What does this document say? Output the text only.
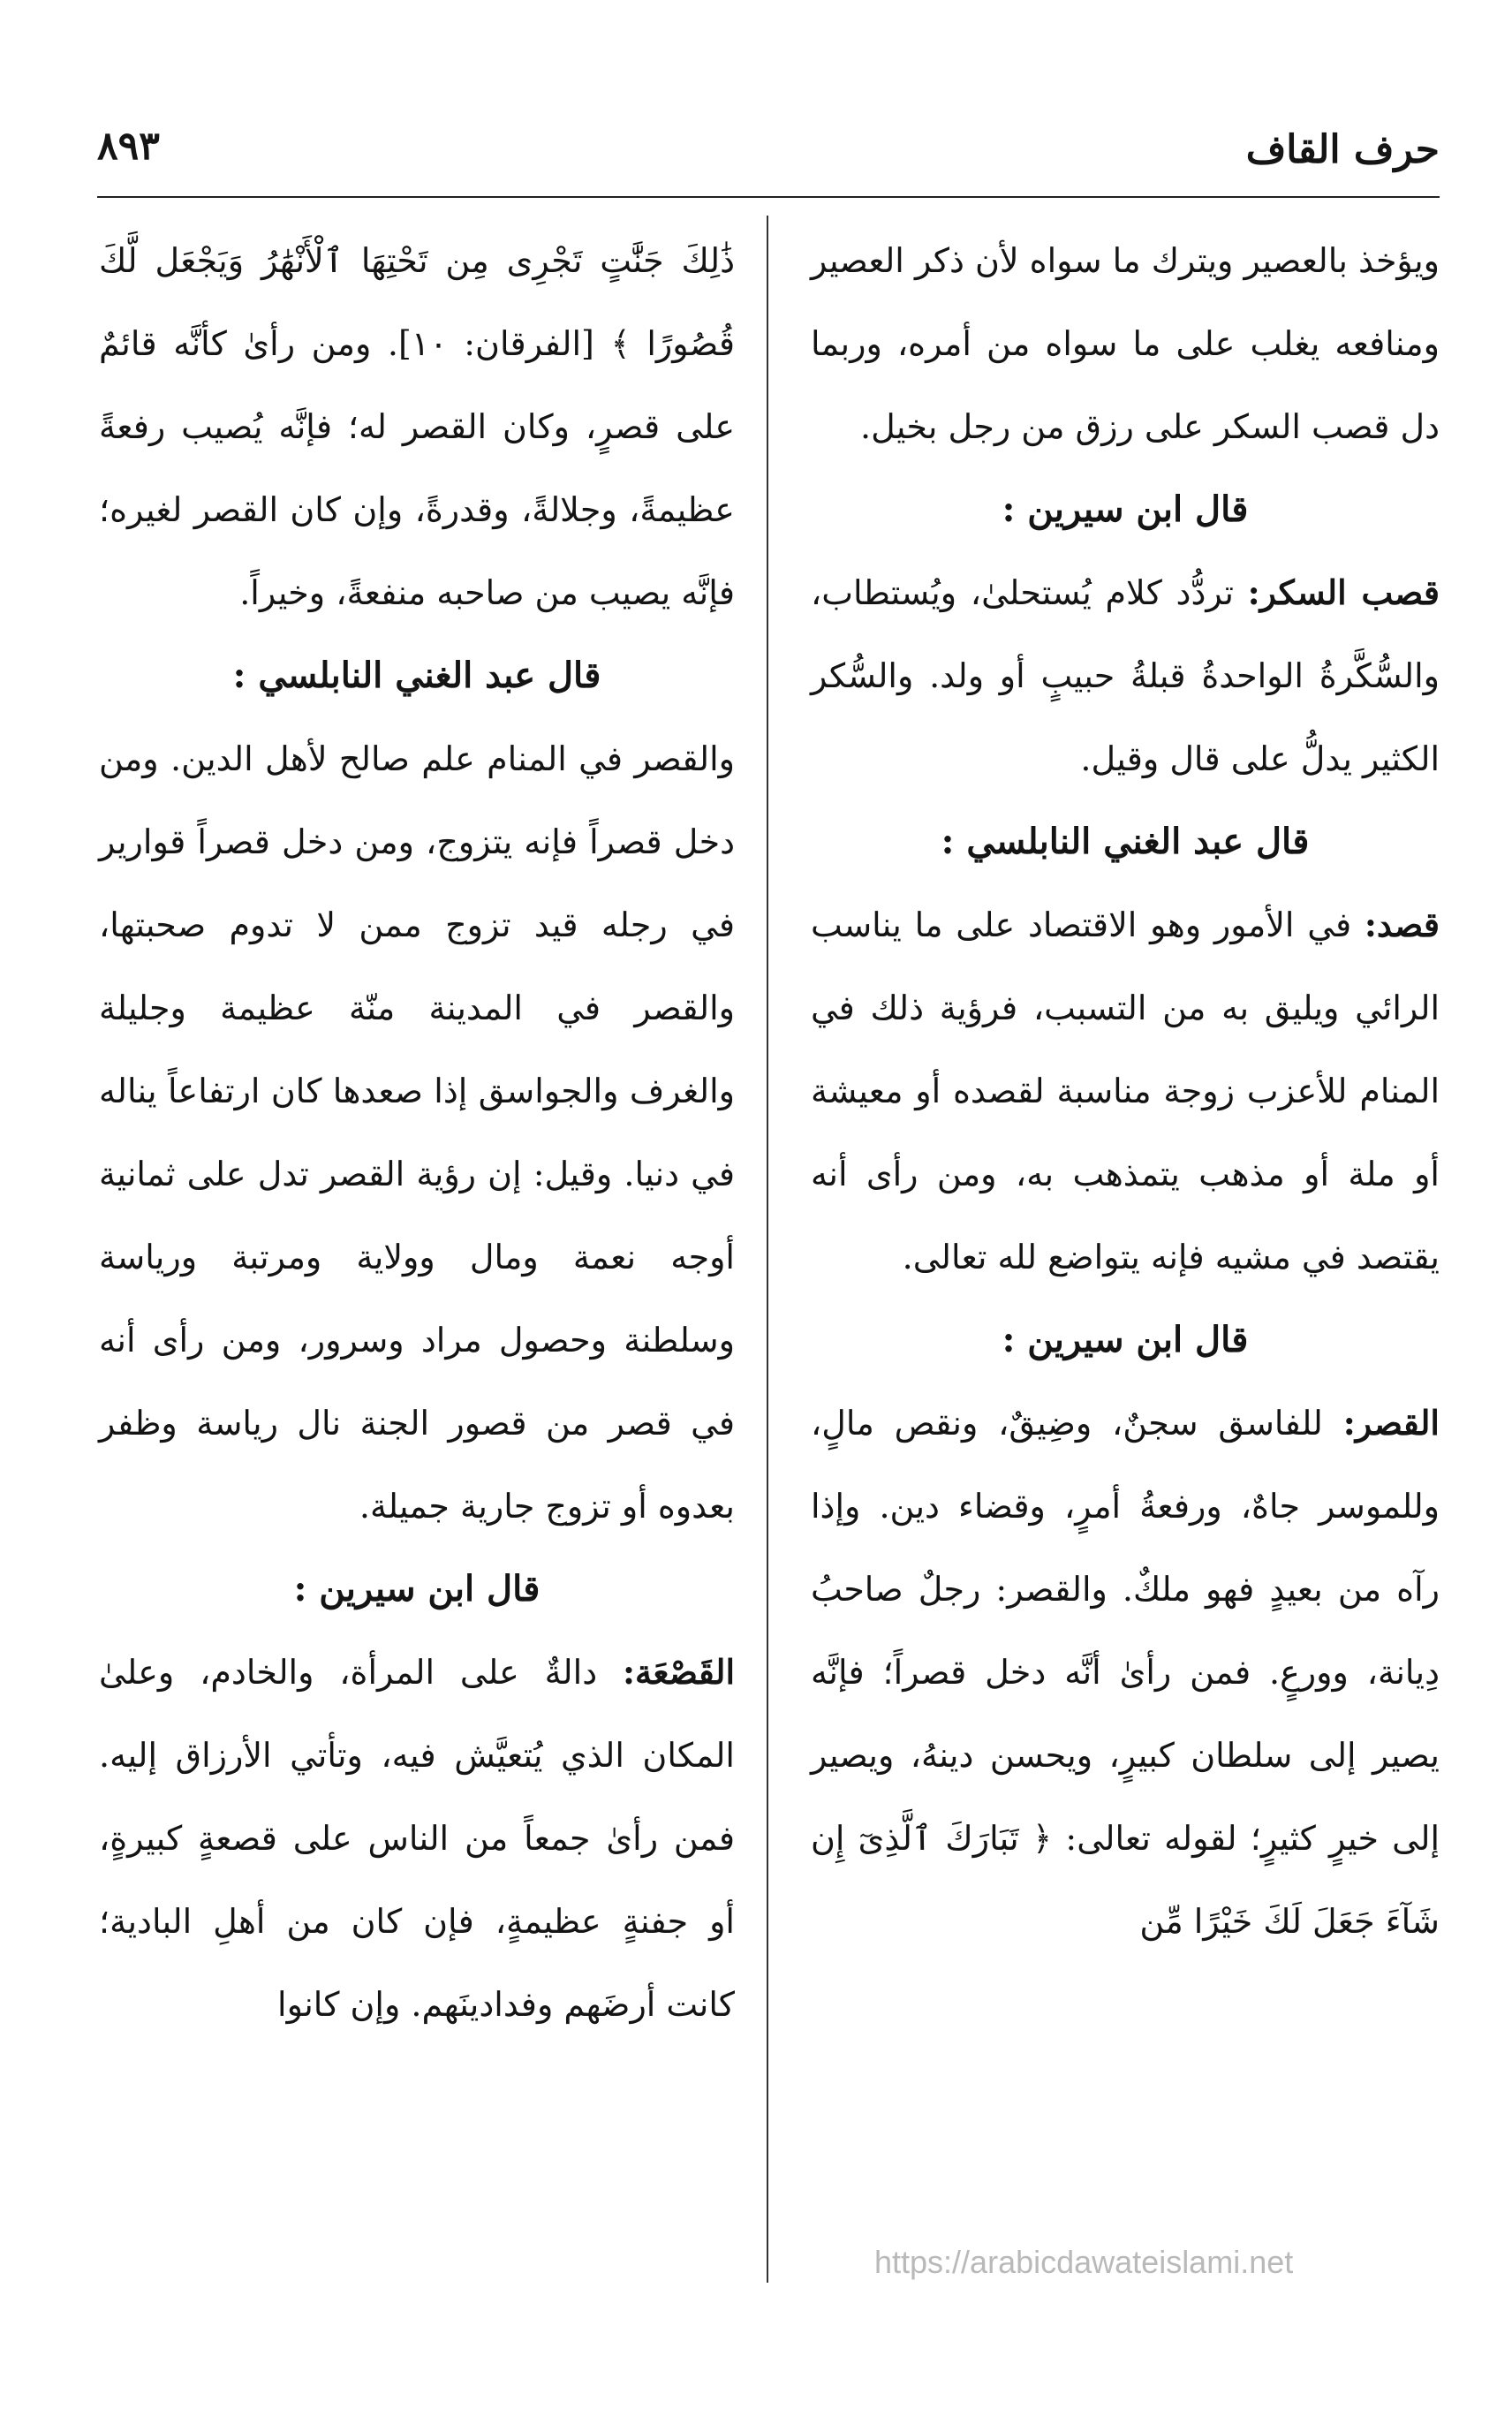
حرف القاف
٨٩٣

ويؤخذ بالعصير ويترك ما سواه لأن ذكر العصير ومنافعه يغلب على ما سواه من أمره، وربما دل قصب السكر على رزق من رجل بخيل.

قال ابن سيرين :

قصب السكر: تردُّد كلام يُستحلىٰ، ويُستطاب، والسُّكَّرةُ الواحدةُ قبلةُ حبيبٍ أو ولد. والسُّكر الكثير يدلُّ على قال وقيل.

قال عبد الغني النابلسي :

قصد: في الأمور وهو الاقتصاد على ما يناسب الرائي ويليق به من التسبب، فرؤية ذلك في المنام للأعزب زوجة مناسبة لقصده أو معيشة أو ملة أو مذهب يتمذهب به، ومن رأى أنه يقتصد في مشيه فإنه يتواضع لله تعالى.

قال ابن سيرين :

القصر: للفاسق سجنٌ، وضِيقٌ، ونقص مالٍ، وللموسر جاهٌ، ورفعةُ أمرٍ، وقضاء دين. وإذا رآه من بعيدٍ فهو ملكٌ. والقصر: رجلٌ صاحبُ دِيانة، وورعٍ. فمن رأىٰ أنَّه دخل قصراً؛ فإنَّه يصير إلى سلطان كبيرٍ، ويحسن دينهُ، ويصير إلى خيرٍ كثيرٍ؛ لقوله تعالى: ﴿ تَبَارَكَ ٱلَّذِىٓ إِن شَآءَ جَعَلَ لَكَ خَيْرًا مِّن

ذَٰلِكَ جَنَّٰتٍ تَجْرِى مِن تَحْتِهَا ٱلْأَنْهَٰرُ وَيَجْعَل لَّكَ قُصُورًا ﴾ [الفرقان: ١٠]. ومن رأىٰ كأنَّه قائمٌ على قصرٍ، وكان القصر له؛ فإنَّه يُصيب رفعةً عظيمةً، وجلالةً، وقدرةً، وإن كان القصر لغيره؛ فإنَّه يصيب من صاحبه منفعةً، وخيراً.

قال عبد الغني النابلسي :

والقصر في المنام علم صالح لأهل الدين. ومن دخل قصراً فإنه يتزوج، ومن دخل قصراً قوارير في رجله قيد تزوج ممن لا تدوم صحبتها، والقصر في المدينة منّة عظيمة وجليلة والغرف والجواسق إذا صعدها كان ارتفاعاً يناله في دنيا. وقيل: إن رؤية القصر تدل على ثمانية أوجه نعمة ومال وولاية ومرتبة ورياسة وسلطنة وحصول مراد وسرور، ومن رأى أنه في قصر من قصور الجنة نال رياسة وظفر بعدوه أو تزوج جارية جميلة.

قال ابن سيرين :

القَصْعَة: دالةٌ على المرأة، والخادم، وعلىٰ المكان الذي يُتعيَّش فيه، وتأتي الأرزاق إليه. فمن رأىٰ جمعاً من الناس على قصعةٍ كبيرةٍ، أو جفنةٍ عظيمةٍ، فإن كان من أهلِ البادية؛ كانت أرضَهم وفدادينَهم. وإن كانوا

https://arabicdawateislami.net
